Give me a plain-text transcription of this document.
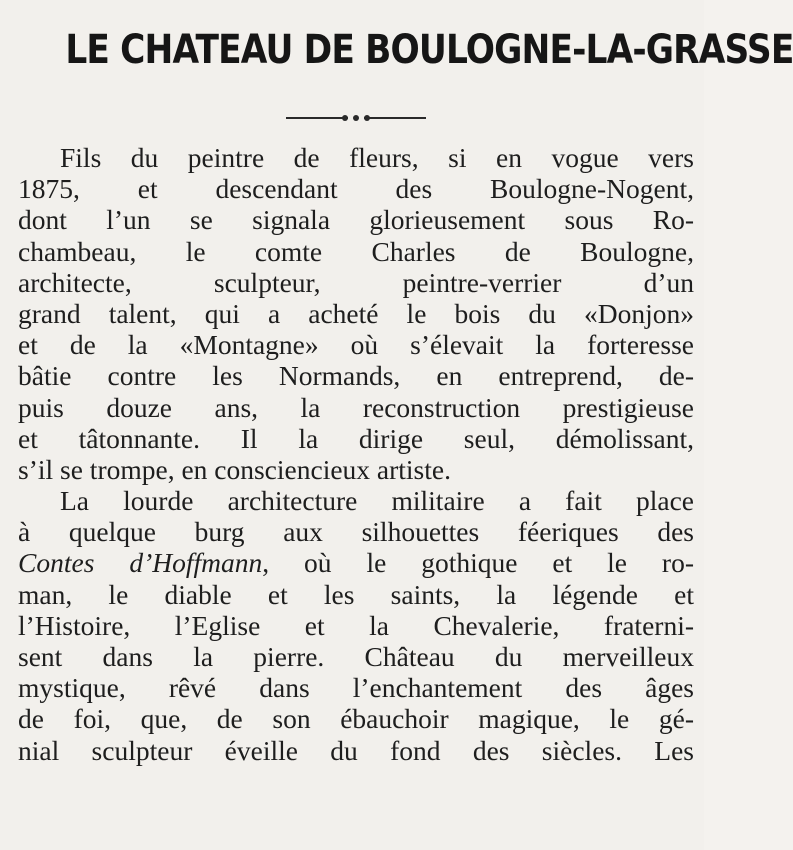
LE CHATEAU DE BOULOGNE-LA-GRASSE
Fils du peintre de fleurs, si en vogue vers
1875, et descendant des Boulogne-Nogent,
dont l’un se signala glorieusement sous Ro-
chambeau, le comte Charles de Boulogne,
architecte, sculpteur, peintre-verrier d’un
grand talent, qui a acheté le bois du «Donjon»
et de la «Montagne» où s’élevait la forteresse
bâtie contre les Normands, en entreprend, de-
puis douze ans, la reconstruction prestigieuse
et tâtonnante. Il la dirige seul, démolissant,
s’il se trompe, en consciencieux artiste.
La lourde architecture militaire a fait place
à quelque burg aux silhouettes féeriques des
Contes d’Hoffmann, où le gothique et le ro-
man, le diable et les saints, la légende et
l’Histoire, l’Eglise et la Chevalerie, fraterni-
sent dans la pierre. Château du merveilleux
mystique, rêvé dans l’enchantement des âges
de foi, que, de son ébauchoir magique, le gé-
nial sculpteur éveille du fond des siècles. Les
